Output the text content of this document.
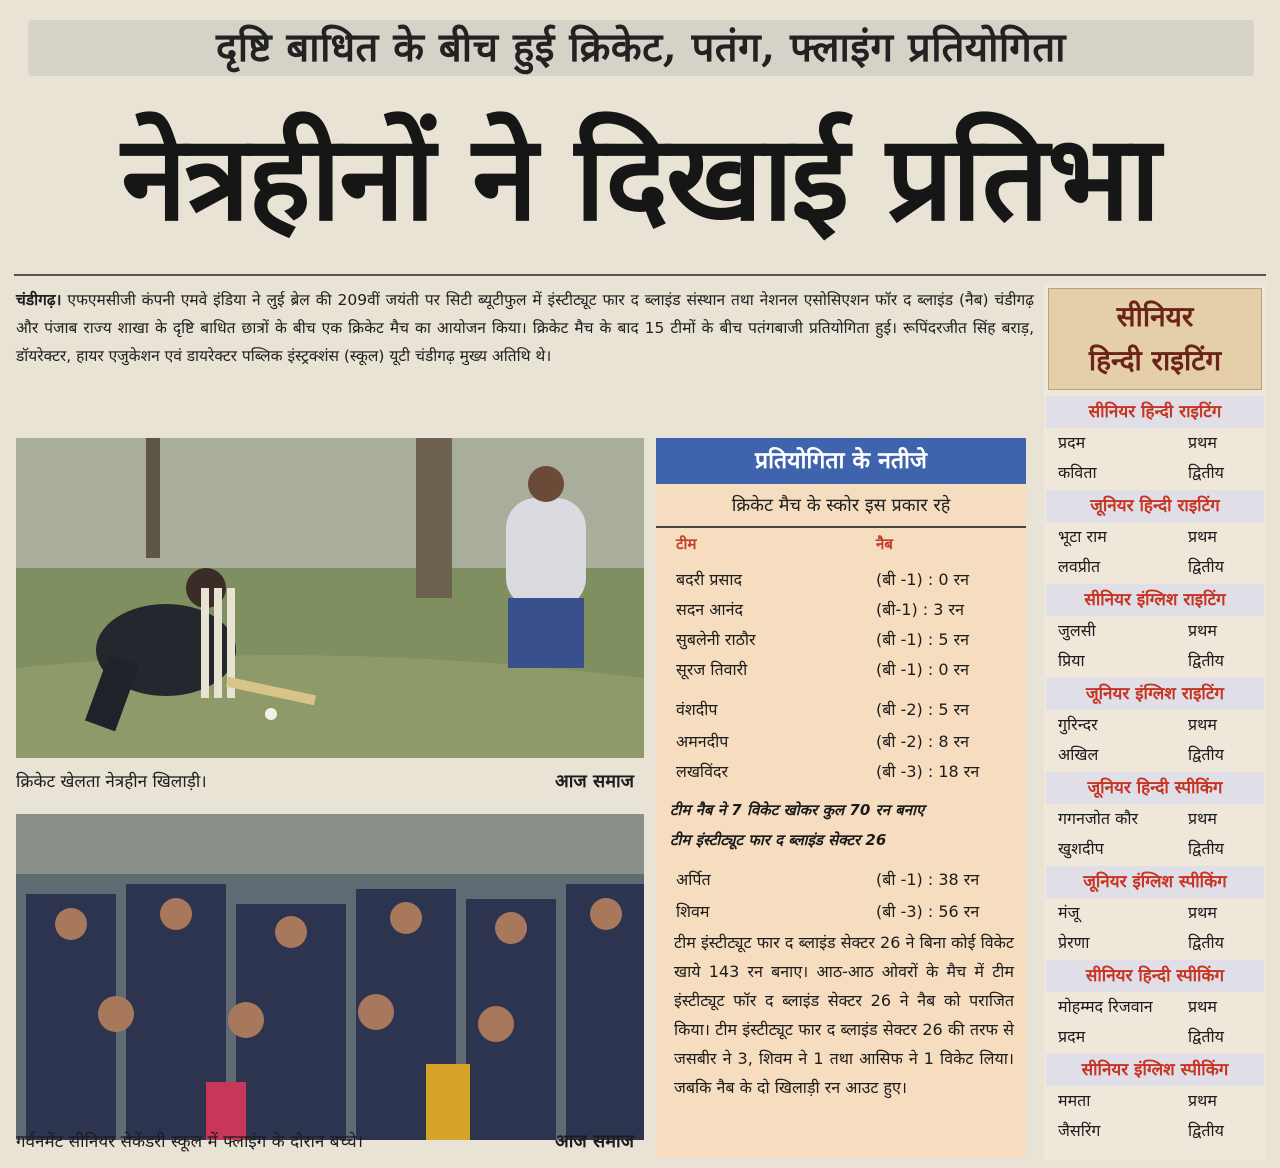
दृष्टि बाधित के बीच हुई क्रिकेट, पतंग, फ्लाइंग प्रतियोगिता
नेत्रहीनों ने दिखाई प्रतिभा
चंडीगढ़। एफएमसीजी कंपनी एमवे इंडिया ने लुई ब्रेल की 209वीं जयंती पर सिटी ब्यूटीफुल में इंस्टीट्यूट फार द ब्लाइंड संस्थान तथा नेशनल एसोसिएशन फॉर द ब्लाइंड (नैब) चंडीगढ़ और पंजाब राज्य शाखा के दृष्टि बाधित छात्रों के बीच एक क्रिकेट मैच का आयोजन किया। क्रिकेट मैच के बाद 15 टीमों के बीच पतंगबाजी प्रतियोगिता हुई। रूपिंदरजीत सिंह बराड़, डॉयरेक्टर, हायर एजुकेशन एवं डायरेक्टर पब्लिक इंस्ट्रक्शंस (स्कूल) यूटी चंडीगढ़ मुख्य अतिथि थे।
क्रिकेट खेलता नेत्रहीन खिलाड़ी।	आज समाज
गर्वनमेंट सीनियर सेकेंडरी स्कूल में फ्लाइंग के दौरान बच्चे।	आज समाज
प्रतियोगिता के नतीजे
क्रिकेट मैच के स्कोर इस प्रकार रहे
टीम	नैब
बदरी प्रसाद	(बी -1) : 0 रन
सदन आनंद	(बी-1) : 3 रन
सुबलेनी राठौर	(बी -1) : 5 रन
सूरज तिवारी	(बी -1) : 0 रन
वंशदीप	(बी -2) : 5 रन
अमनदीप	(बी -2) : 8 रन
लखविंदर	(बी -3) : 18 रन
टीम नैब ने 7 विकेट खोकर कुल 70 रन बनाए
टीम इंस्टीट्यूट फार द ब्लाइंड सेक्टर 26
अर्पित	(बी -1) : 38 रन
शिवम	(बी -3) : 56 रन
टीम इंस्टीट्यूट फार द ब्लाइंड सेक्टर 26 ने बिना कोई विकेट खाये 143 रन बनाए। आठ-आठ ओवरों के मैच में टीम इंस्टीट्यूट फॉर द ब्लाइंड सेक्टर 26 ने नैब को पराजित किया। टीम इंस्टीट्यूट फार द ब्लाइंड सेक्टर 26 की तरफ से जसबीर ने 3, शिवम ने 1 तथा आसिफ ने 1 विकेट लिया। जबकि नैब के दो खिलाड़ी रन आउट हुए।
सीनियर
हिन्दी राइटिंग
सीनियर हिन्दी राइटिंग
प्रदम	प्रथम
कविता	द्वितीय
जूनियर हिन्दी राइटिंग
भूटा राम	प्रथम
लवप्रीत	द्वितीय
सीनियर इंग्लिश राइटिंग
जुलसी	प्रथम
प्रिया	द्वितीय
जूनियर इंग्लिश राइटिंग
गुरिन्दर	प्रथम
अखिल	द्वितीय
जूनियर हिन्दी स्पीकिंग
गगनजोत कौर	प्रथम
खुशदीप	द्वितीय
जूनियर इंग्लिश स्पीकिंग
मंजू	प्रथम
प्रेरणा	द्वितीय
सीनियर हिन्दी स्पीकिंग
मोहम्मद रिजवान प्रथम
प्रदम	द्वितीय
सीनियर इंग्लिश स्पीकिंग
ममता	प्रथम
जैसरिंग	द्वितीय
